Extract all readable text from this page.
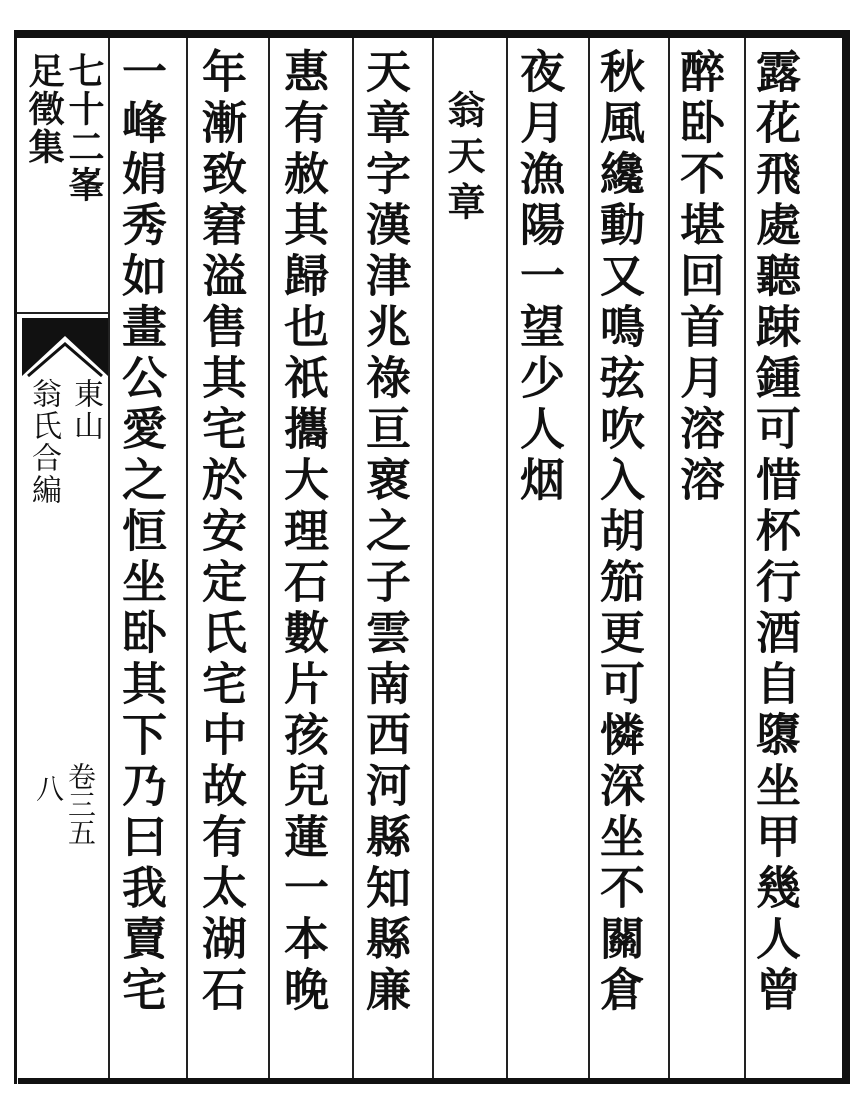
七十二峯
足徵集
東山
翁氏合編
卷三五
八	露花飛處聽踈鍾可惜杯行酒自隳坐甲幾人曾
醉卧不堪回首月溶溶
秋風纔動又鳴弦吹入胡笳更可憐深坐不關倉
夜月漁陽一望少人烟
翁天章
天章字漢津兆祿亘褱之子雲南西河縣知縣廉
惠有赦其歸也祇攜大理石數片孩兒蓮一本晚
年漸致窘溢售其宅於安定氏宅中故有太湖石
一峰娟秀如畫公愛之恒坐卧其下乃曰我賣宅
